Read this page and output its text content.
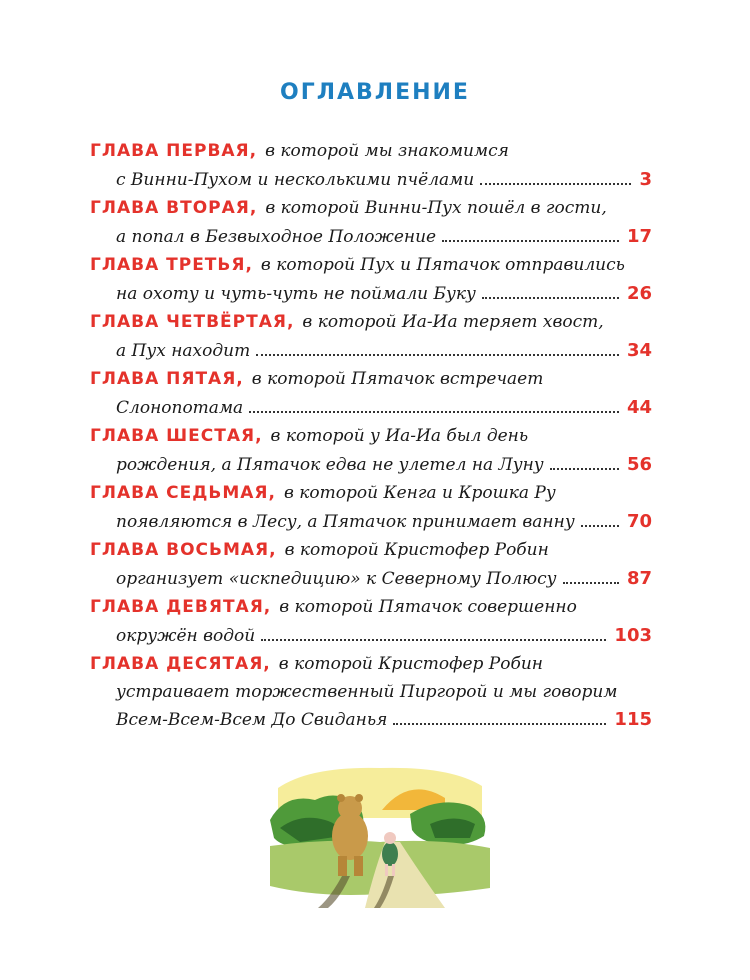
ОГЛАВЛЕНИЕ
ГЛАВА ПЕРВАЯ, в которой мы знакомимся
с Винни-Пухом и несколькими пчёлами	3
ГЛАВА ВТОРАЯ, в которой Винни-Пух пошёл в гости,
а попал в Безвыходное Положение	17
ГЛАВА ТРЕТЬЯ, в которой Пух и Пятачок отправились
на охоту и чуть-чуть не поймали Буку	26
ГЛАВА ЧЕТВЁРТАЯ, в которой Иа-Иа теряет хвост,
а Пух находит	34
ГЛАВА ПЯТАЯ, в которой Пятачок встречает
Слонопотама	44
ГЛАВА ШЕСТАЯ, в которой у Иа-Иа был день
рождения, а Пятачок едва не улетел на Луну	56
ГЛАВА СЕДЬМАЯ, в которой Кенга и Крошка Ру
появляются в Лесу, а Пятачок принимает ванну	70
ГЛАВА ВОСЬМАЯ, в которой Кристофер Робин
организует «искпедицию» к Северному Полюсу	87
ГЛАВА ДЕВЯТАЯ, в которой Пятачок совершенно
окружён водой	103
ГЛАВА ДЕСЯТАЯ, в которой Кристофер Робин
устраивает торжественный Пиргорой и мы говорим
Всем-Всем-Всем До Свиданья	115
